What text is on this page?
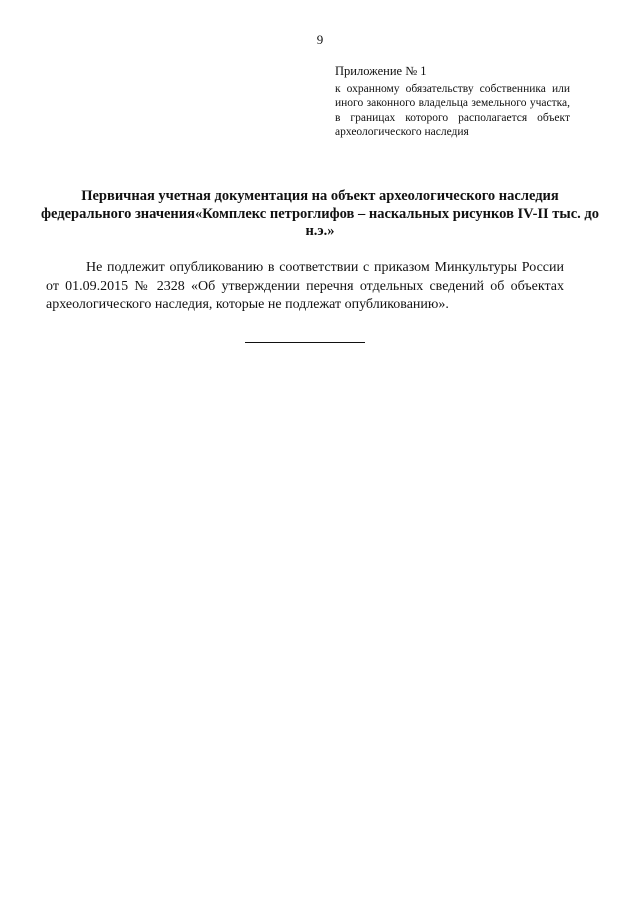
9
Приложение № 1
к охранному обязательству собственника или иного законного владельца земельного участка, в границах которого располагается объект археологического наследия
Первичная учетная документация на объект археологического наследия федерального значения«Комплекс петроглифов – наскальных рисунков IV-II тыс. до н.э.»
Не подлежит опубликованию в соответствии с приказом Минкультуры России от 01.09.2015 № 2328 «Об утверждении перечня отдельных сведений об объектах археологического наследия, которые не подлежат опубликованию».
